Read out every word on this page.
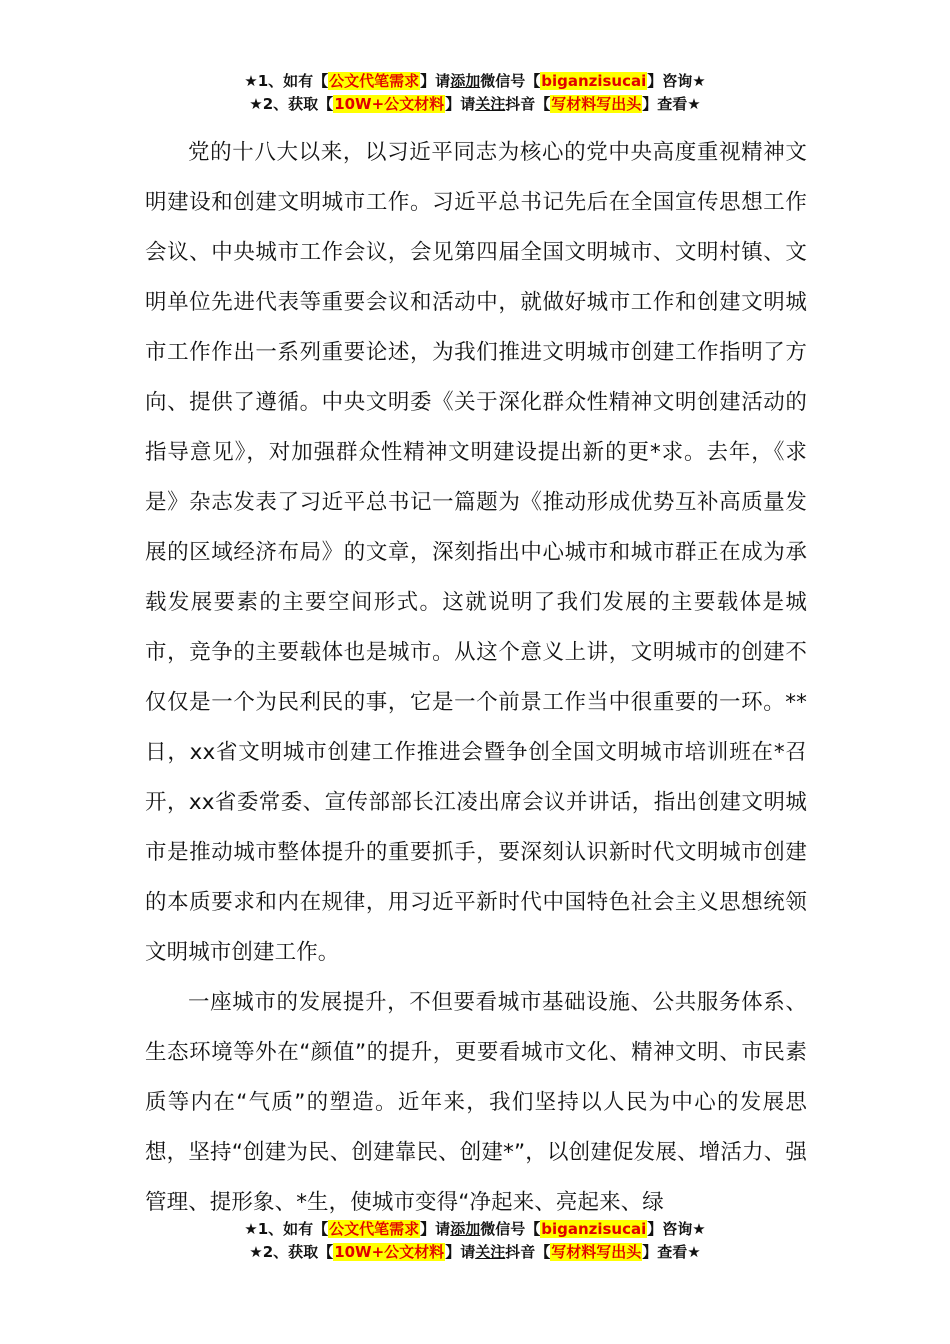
★1、如有【公文代笔需求】请添加微信号【biganzisucai】咨询★
★2、获取【10W+公文材料】请关注抖音【写材料写出头】查看★

党的十八大以来，以习近平同志为核心的党中央高度重视精神文明建设和创建文明城市工作。习近平总书记先后在全国宣传思想工作会议、中央城市工作会议，会见第四届全国文明城市、文明村镇、文明单位先进代表等重要会议和活动中，就做好城市工作和创建文明城市工作作出一系列重要论述，为我们推进文明城市创建工作指明了方向、提供了遵循。中央文明委《关于深化群众性精神文明创建活动的指导意见》，对加强群众性精神文明建设提出新的更*求。去年，《求是》杂志发表了习近平总书记一篇题为《推动形成优势互补高质量发展的区域经济布局》的文章，深刻指出中心城市和城市群正在成为承载发展要素的主要空间形式。这就说明了我们发展的主要载体是城市，竞争的主要载体也是城市。从这个意义上讲，文明城市的创建不仅仅是一个为民利民的事，它是一个前景工作当中很重要的一环。**日，xx省文明城市创建工作推进会暨争创全国文明城市培训班在*召开，xx省委常委、宣传部部长江凌出席会议并讲话，指出创建文明城市是推动城市整体提升的重要抓手，要深刻认识新时代文明城市创建的本质要求和内在规律，用习近平新时代中国特色社会主义思想统领文明城市创建工作。

一座城市的发展提升，不但要看城市基础设施、公共服务体系、生态环境等外在“颜值”的提升，更要看城市文化、精神文明、市民素质等内在“气质”的塑造。近年来，我们坚持以人民为中心的发展思想，坚持“创建为民、创建靠民、创建*”，以创建促发展、增活力、强管理、提形象、*生，使城市变得“净起来、亮起来、绿

★1、如有【公文代笔需求】请添加微信号【biganzisucai】咨询★
★2、获取【10W+公文材料】请关注抖音【写材料写出头】查看★
